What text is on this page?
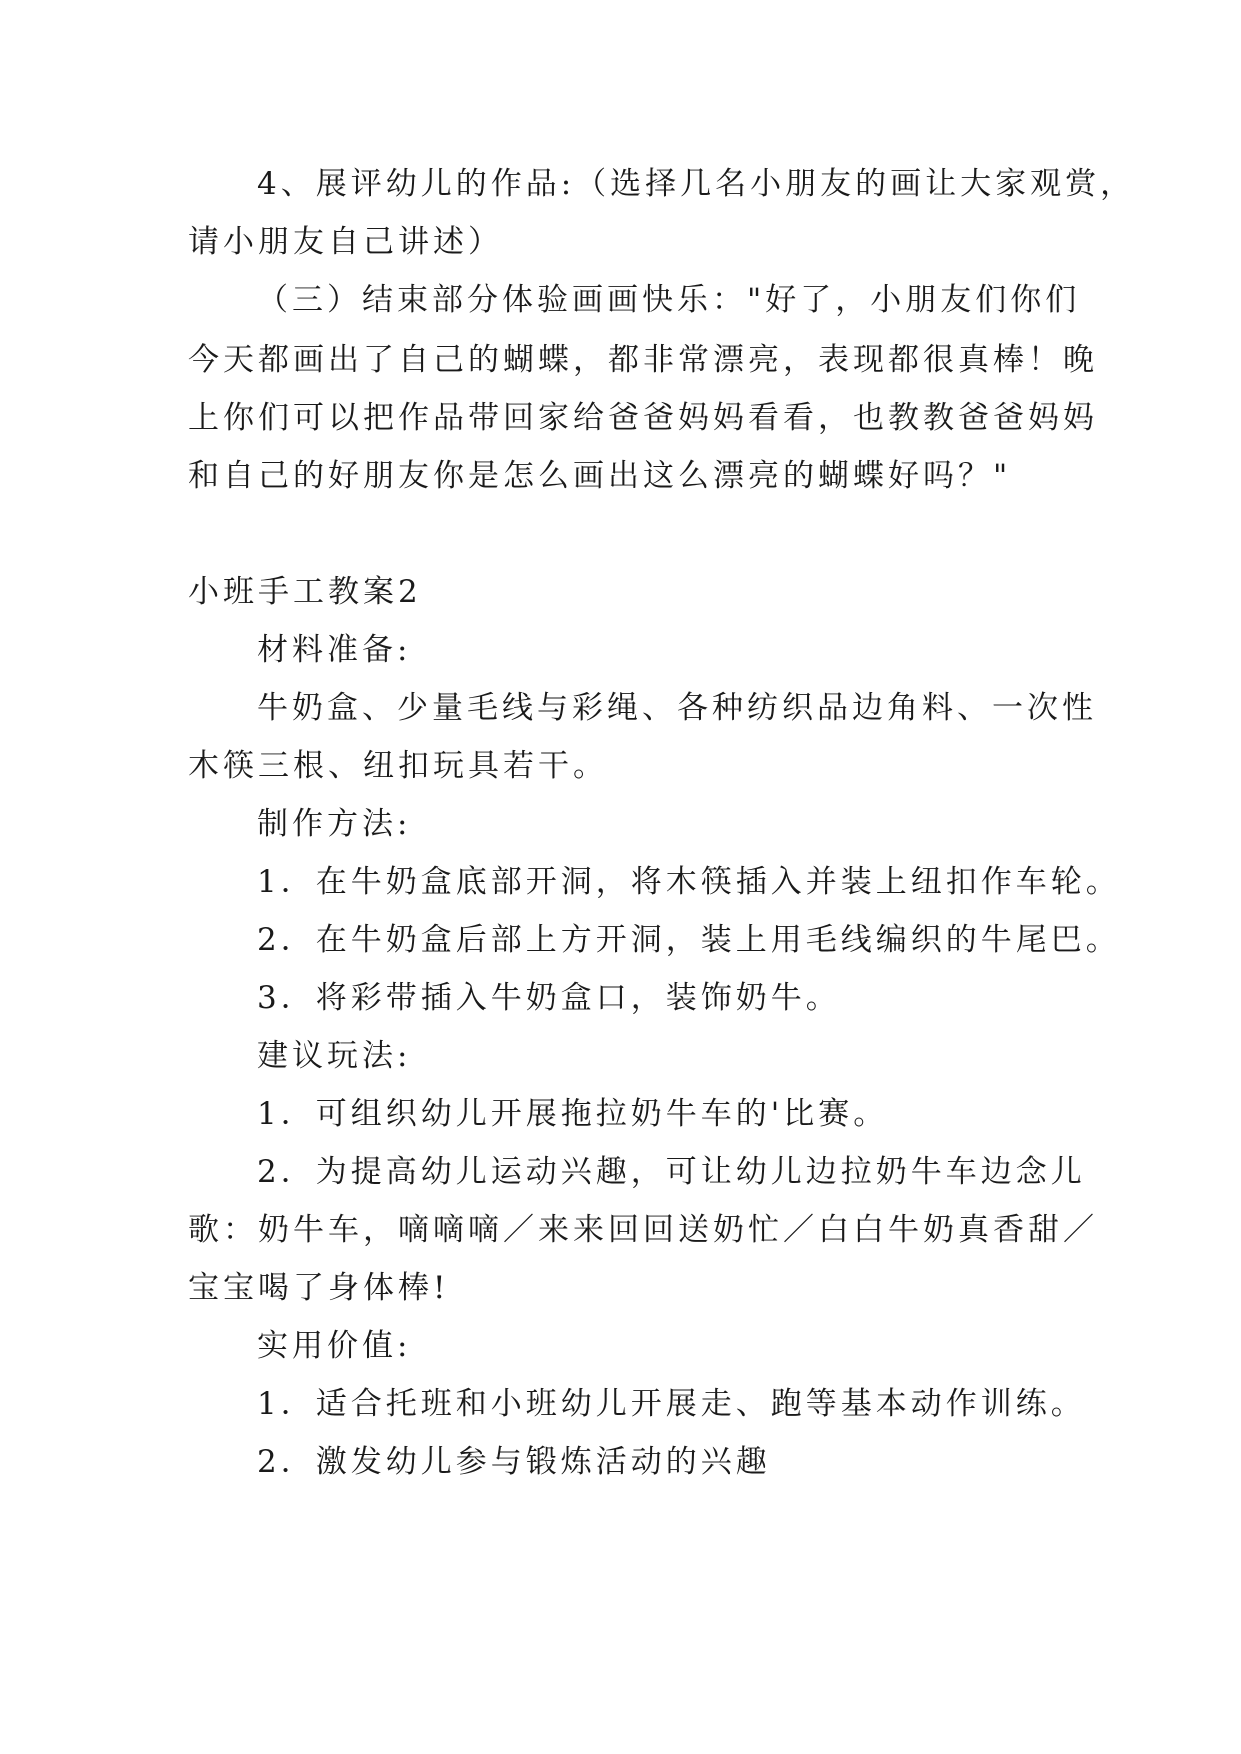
4、展评幼儿的作品:（选择几名小朋友的画让大家观赏，
请小朋友自己讲述）
（三）结束部分体验画画快乐："好了，小朋友们你们
今天都画出了自己的蝴蝶，都非常漂亮，表现都很真棒！晚
上你们可以把作品带回家给爸爸妈妈看看，也教教爸爸妈妈
和自己的好朋友你是怎么画出这么漂亮的蝴蝶好吗？"
小班手工教案2
材料准备:
牛奶盒、少量毛线与彩绳、各种纺织品边角料、一次性
木筷三根、纽扣玩具若干。
制作方法:
1．在牛奶盒底部开洞，将木筷插入并装上纽扣作车轮。
2．在牛奶盒后部上方开洞，装上用毛线编织的牛尾巴。
3．将彩带插入牛奶盒口，装饰奶牛。
建议玩法:
1．可组织幼儿开展拖拉奶牛车的'比赛。
2．为提高幼儿运动兴趣，可让幼儿边拉奶牛车边念儿
歌：奶牛车，嘀嘀嘀／来来回回送奶忙／白白牛奶真香甜／
宝宝喝了身体棒!
实用价值:
1．适合托班和小班幼儿开展走、跑等基本动作训练。
2．激发幼儿参与锻炼活动的兴趣
